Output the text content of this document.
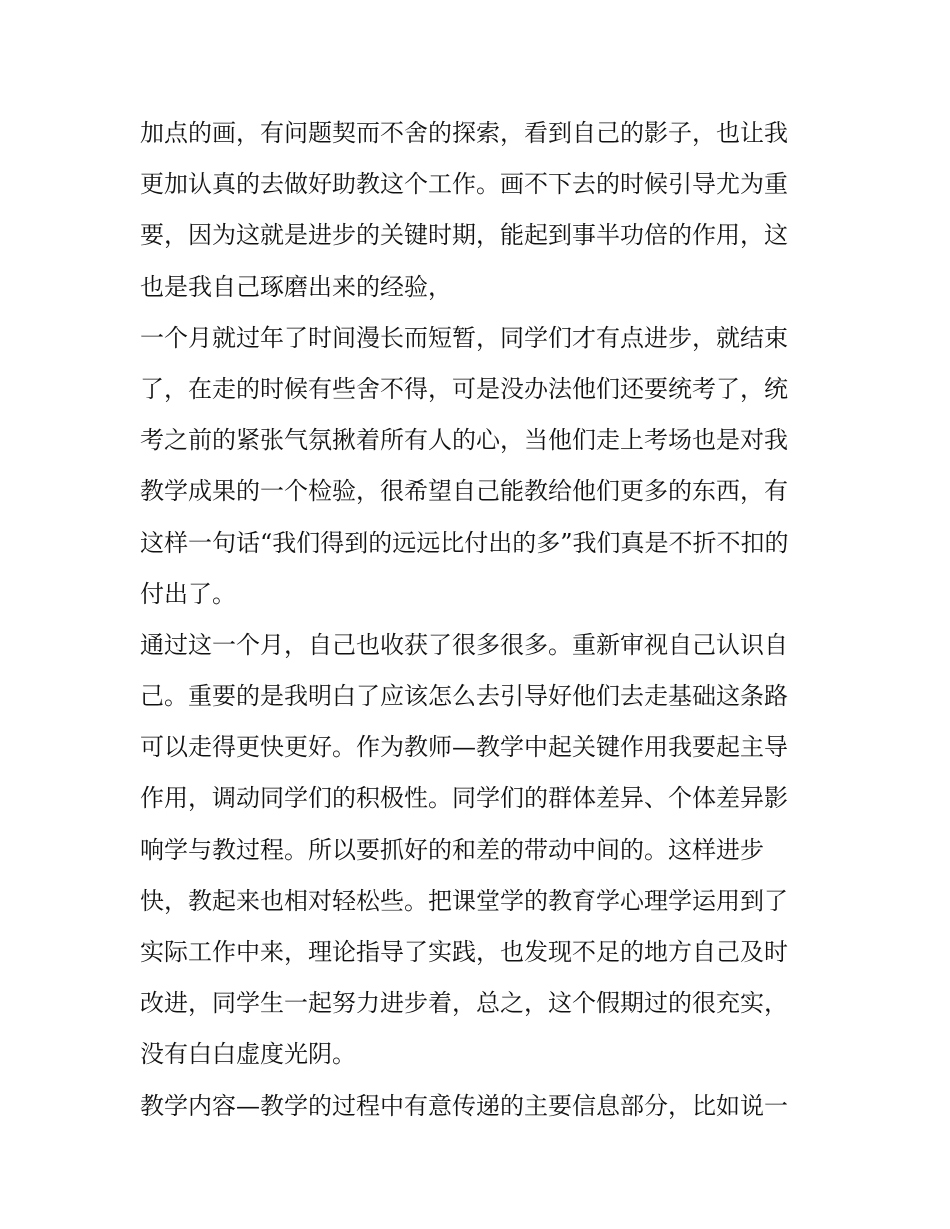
加点的画，有问题契而不舍的探索，看到自己的影子，也让我
更加认真的去做好助教这个工作。画不下去的时候引导尤为重
要，因为这就是进步的关键时期，能起到事半功倍的作用，这
也是我自己琢磨出来的经验，
一个月就过年了时间漫长而短暂，同学们才有点进步，就结束
了，在走的时候有些舍不得，可是没办法他们还要统考了，统
考之前的紧张气氛揪着所有人的心，当他们走上考场也是对我
教学成果的一个检验，很希望自己能教给他们更多的东西，有
这样一句话“我们得到的远远比付出的多”我们真是不折不扣的
付出了。
通过这一个月，自己也收获了很多很多。重新审视自己认识自
己。重要的是我明白了应该怎么去引导好他们去走基础这条路
可以走得更快更好。作为教师—教学中起关键作用我要起主导
作用，调动同学们的积极性。同学们的群体差异、个体差异影
响学与教过程。所以要抓好的和差的带动中间的。这样进步
快，教起来也相对轻松些。把课堂学的教育学心理学运用到了
实际工作中来，理论指导了实践，也发现不足的地方自己及时
改进，同学生一起努力进步着，总之，这个假期过的很充实，
没有白白虚度光阴。
教学内容—教学的过程中有意传递的主要信息部分，比如说一
